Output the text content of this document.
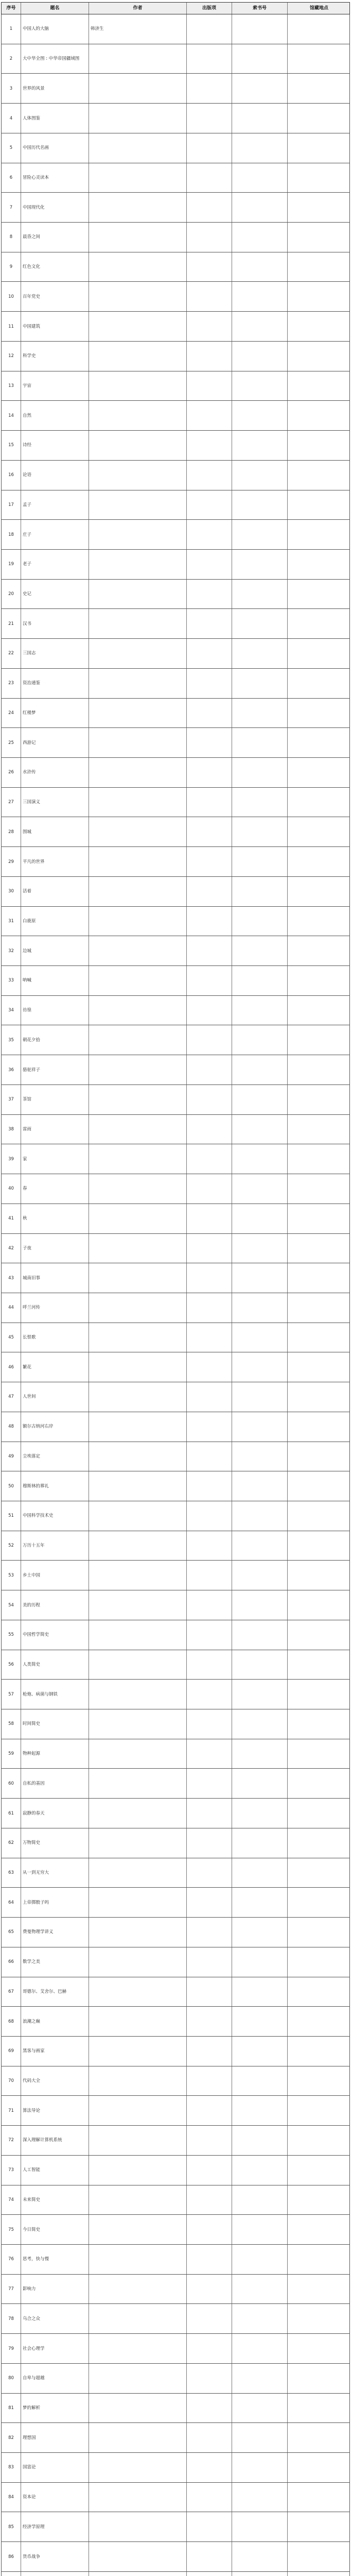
序号	题名	作者	出版项	索书号	馆藏地点
1	中国人的大脑	韩济生
2	大中华全图 : 中华帝国疆域图
3	世界的风景
4	人体图鉴
5	中国历代名画
6	冒险心灵读本
7	中国现代化
8	晨昏之间
9	红色文化
10	百年党史
11	中国建筑
12	科学史
13	宇宙
14	自然
15	诗经
16	论语
17	孟子
18	庄子
19	老子
20	史记
21	汉书
22	三国志
23	资治通鉴
24	红楼梦
25	西游记
26	水浒传
27	三国演义
28	围城
29	平凡的世界
30	活着
31	白鹿原
32	边城
33	呐喊
34	彷徨
35	朝花夕拾
36	骆驼祥子
37	茶馆
38	雷雨
39	家
40	春
41	秋
42	子夜
43	城南旧事
44	呼兰河传
45	长恨歌
46	繁花
47	人世间
48	额尔古纳河右岸
49	尘埃落定
50	穆斯林的葬礼
51	中国科学技术史
52	万历十五年
53	乡土中国
54	美的历程
55	中国哲学简史
56	人类简史
57	枪炮、病菌与钢铁
58	时间简史
59	物种起源
60	自私的基因
61	寂静的春天
62	万物简史
63	从一到无穷大
64	上帝掷骰子吗
65	费曼物理学讲义
66	数学之美
67	哥德尔、艾舍尔、巴赫
68	浪潮之巅
69	黑客与画家
70	代码大全
71	算法导论
72	深入理解计算机系统
73	人工智能
74	未来简史
75	今日简史
76	思考，快与慢
77	影响力
78	乌合之众
79	社会心理学
80	自卑与超越
81	梦的解析
82	理想国
83	国富论
84	资本论
85	经济学原理
86	货币战争
